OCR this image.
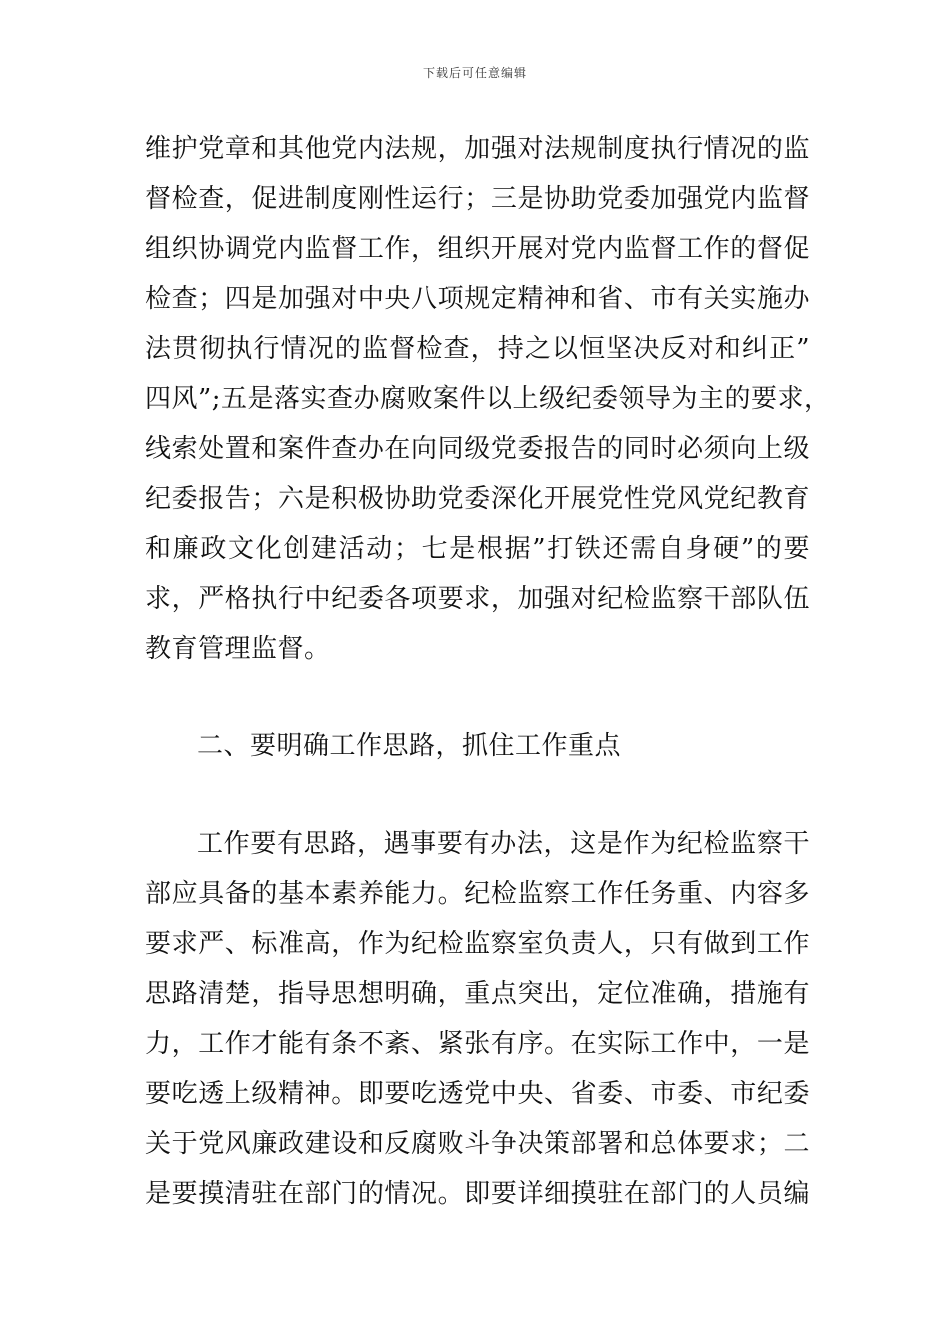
下载后可任意编辑
维护党章和其他党内法规，加强对法规制度执行情况的监
督检查，促进制度刚性运行；三是协助党委加强党内监督
组织协调党内监督工作，组织开展对党内监督工作的督促
检查；四是加强对中央八项规定精神和省、市有关实施办
法贯彻执行情况的监督检查，持之以恒坚决反对和纠正”
四风”;五是落实查办腐败案件以上级纪委领导为主的要求，
线索处置和案件查办在向同级党委报告的同时必须向上级
纪委报告；六是积极协助党委深化开展党性党风党纪教育
和廉政文化创建活动；七是根据”打铁还需自身硬”的要
求，严格执行中纪委各项要求，加强对纪检监察干部队伍
教育管理监督。
二、要明确工作思路，抓住工作重点
工作要有思路，遇事要有办法，这是作为纪检监察干
部应具备的基本素养能力。纪检监察工作任务重、内容多
要求严、标准高，作为纪检监察室负责人，只有做到工作
思路清楚，指导思想明确，重点突出，定位准确，措施有
力，工作才能有条不紊、紧张有序。在实际工作中，一是
要吃透上级精神。即要吃透党中央、省委、市委、市纪委
关于党风廉政建设和反腐败斗争决策部署和总体要求；二
是要摸清驻在部门的情况。即要详细摸驻在部门的人员编
